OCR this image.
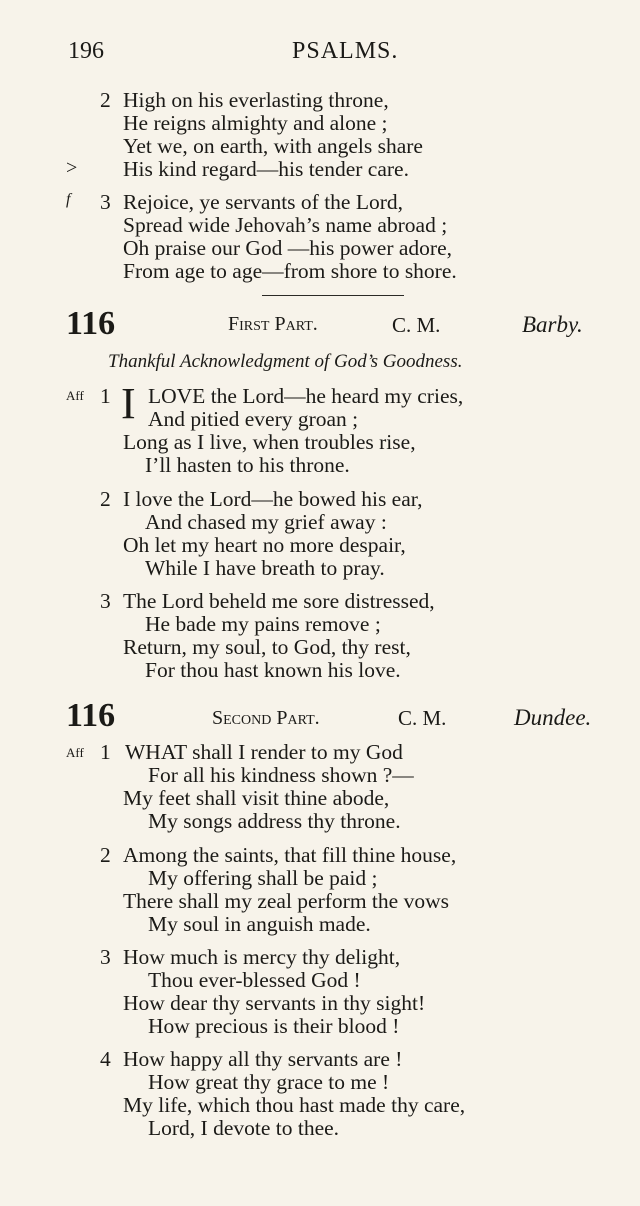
196	PSALMS.
2 High on his everlasting throne,
He reigns almighty and alone ;
Yet we, on earth, with angels share
> His kind regard—his tender care.
f 3 Rejoice, ye servants of the Lord,
Spread wide Jehovah’s name abroad ;
Oh praise our God —his power adore,
From age to age—from shore to shore.
116	First Part.	C. M.	Barby.
Thankful Acknowledgment of God’s Goodness.
Aff 1 I LOVE the Lord—he heard my cries,
And pitied every groan ;
Long as I live, when troubles rise,
I’ll hasten to his throne.
2 I love the Lord—he bowed his ear,
And chased my grief away :
Oh let my heart no more despair,
While I have breath to pray.
3 The Lord beheld me sore distressed,
He bade my pains remove ;
Return, my soul, to God, thy rest,
For thou hast known his love.
116	Second Part.	C. M.	Dundee.
Aff 1 WHAT shall I render to my God
For all his kindness shown ?—
My feet shall visit thine abode,
My songs address thy throne.
2 Among the saints, that fill thine house,
My offering shall be paid ;
There shall my zeal perform the vows
My soul in anguish made.
3 How much is mercy thy delight,
Thou ever-blessed God !
How dear thy servants in thy sight!
How precious is their blood !
4 How happy all thy servants are !
How great thy grace to me !
My life, which thou hast made thy care,
Lord, I devote to thee.
